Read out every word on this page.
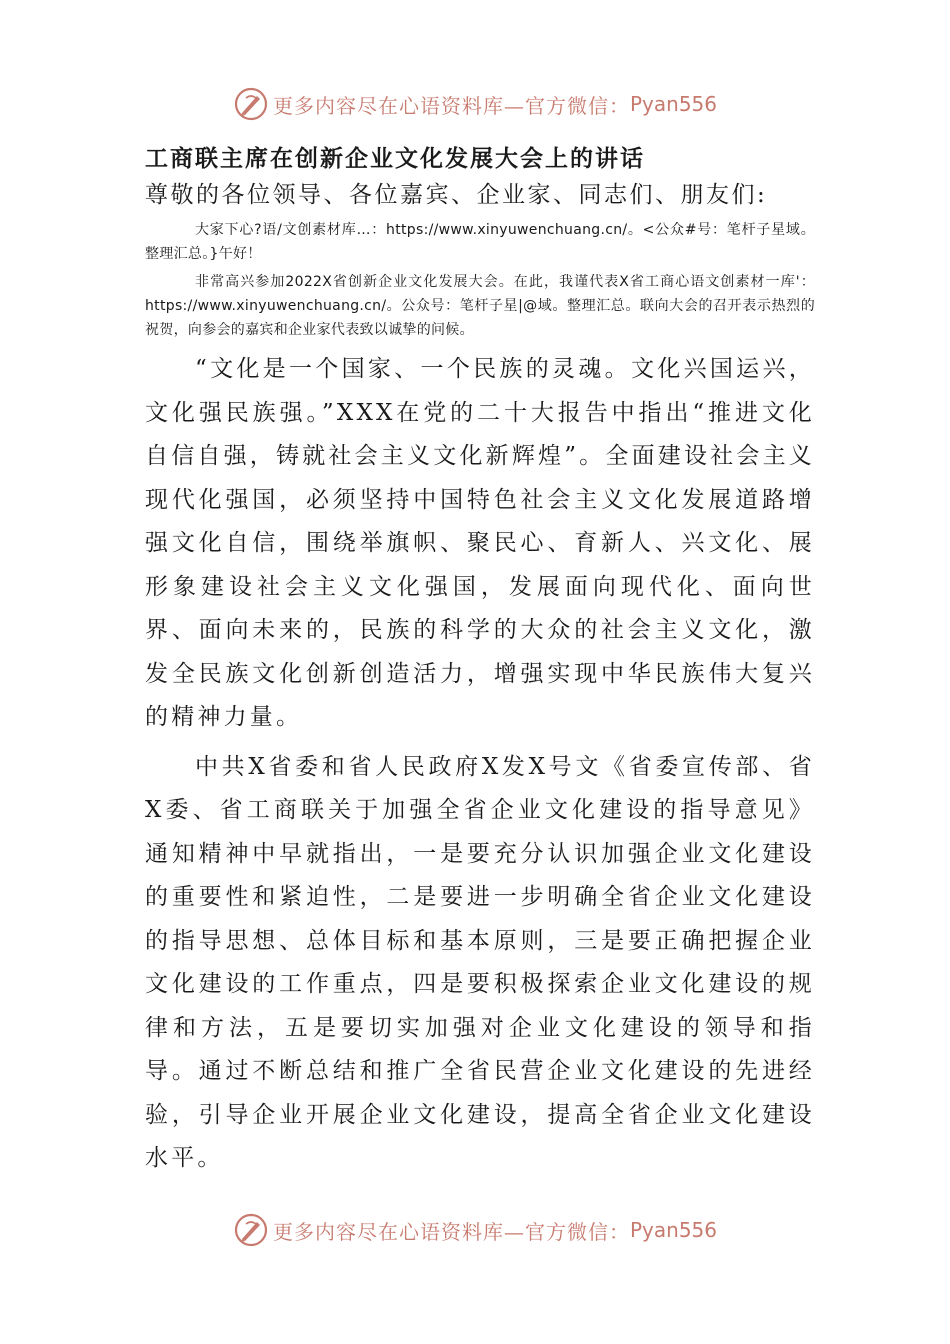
更多内容尽在心语资料库—官方微信： Pyan556
工商联主席在创新企业文化发展大会上的讲话

尊敬的各位领导、各位嘉宾、企业家、同志们、朋友们:

大家下心?语/文创素材库…：https://www.xinyuwenchuang.cn/。<公众#号：笔杆子星域。整理汇总。}午好！

非常高兴参加2022X省创新企业文化发展大会。在此，我谨代表X省工商心语文创素材一库'：https://www.xinyuwenchuang.cn/。公众号：笔杆子星|@域。整理汇总。联向大会的召开表示热烈的祝贺，向参会的嘉宾和企业家代表致以诚挚的问候。

“文化是一个国家、一个民族的灵魂。文化兴国运兴，文化强民族强。”XXX在党的二十大报告中指出“推进文化自信自强，铸就社会主义文化新辉煌”。全面建设社会主义现代化强国，必须坚持中国特色社会主义文化发展道路增强文化自信，围绕举旗帜、聚民心、育新人、兴文化、展形象建设社会主义文化强国，发展面向现代化、面向世界、面向未来的，民族的科学的大众的社会主义文化，激发全民族文化创新创造活力，增强实现中华民族伟大复兴的精神力量。

中共X省委和省人民政府X发X号文《省委宣传部、省X委、省工商联关于加强全省企业文化建设的指导意见》通知精神中早就指出，一是要充分认识加强企业文化建设的重要性和紧迫性，二是要进一步明确全省企业文化建设的指导思想、总体目标和基本原则，三是要正确把握企业文化建设的工作重点，四是要积极探索企业文化建设的规律和方法，五是要切实加强对企业文化建设的领导和指导。通过不断总结和推广全省民营企业文化建设的先进经验，引导企业开展企业文化建设，提高全省企业文化建设水平。

更多内容尽在心语资料库—官方微信： Pyan556
